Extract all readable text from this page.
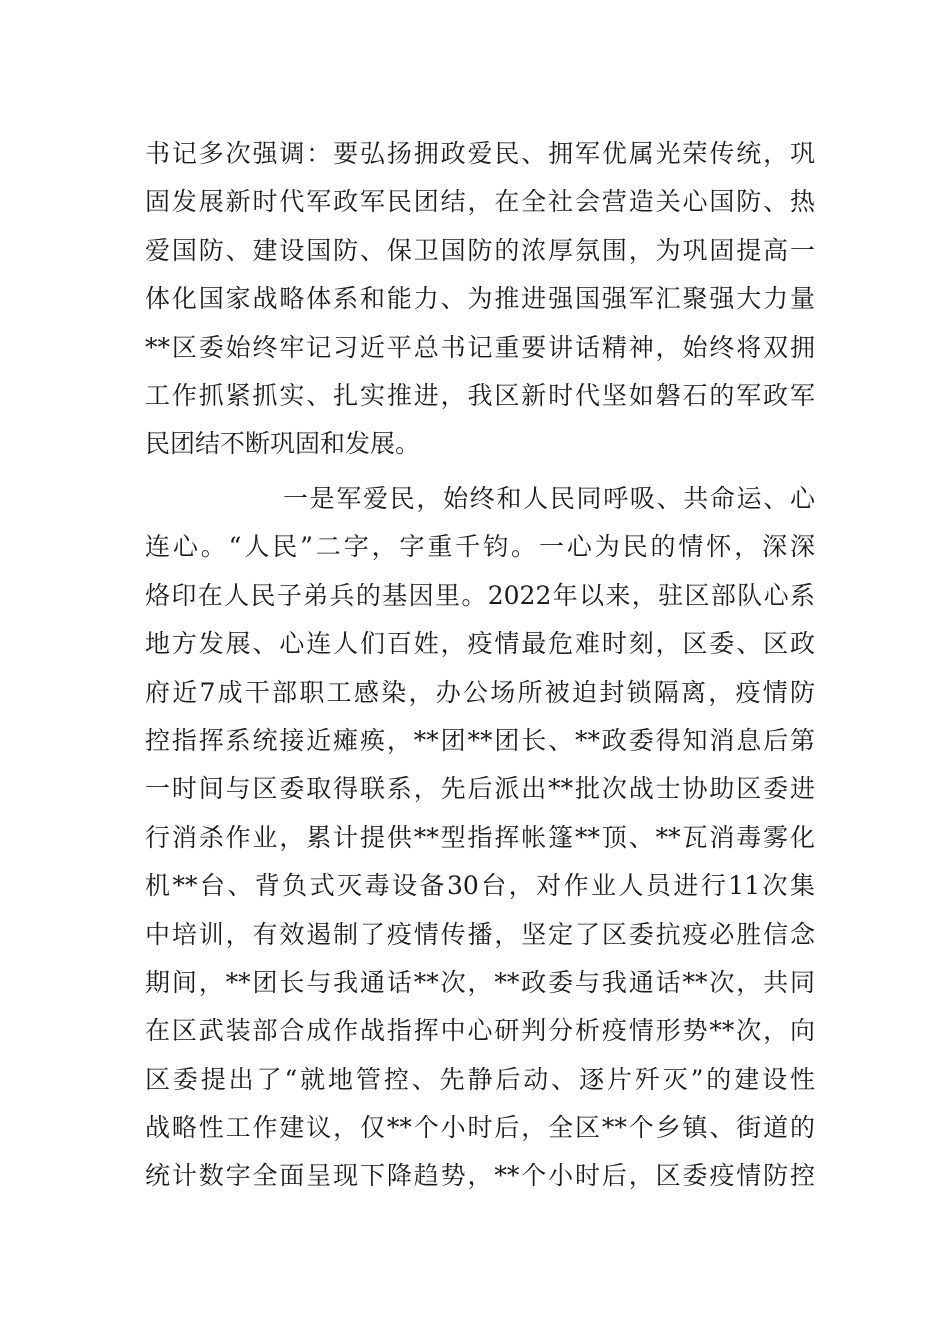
书记多次强调：要弘扬拥政爱民、拥军优属光荣传统，巩
固发展新时代军政军民团结，在全社会营造关心国防、热
爱国防、建设国防、保卫国防的浓厚氛围，为巩固提高一
体化国家战略体系和能力、为推进强国强军汇聚强大力量
**区委始终牢记习近平总书记重要讲话精神，始终将双拥
工作抓紧抓实、扎实推进，我区新时代坚如磐石的军政军
民团结不断巩固和发展。
一是军爱民，始终和人民同呼吸、共命运、心
连心。“人民”二字，字重千钧。一心为民的情怀，深深
烙印在人民子弟兵的基因里。2022年以来，驻区部队心系
地方发展、心连人们百姓，疫情最危难时刻，区委、区政
府近7成干部职工感染，办公场所被迫封锁隔离，疫情防
控指挥系统接近瘫痪，**团**团长、**政委得知消息后第
一时间与区委取得联系，先后派出**批次战士协助区委进
行消杀作业，累计提供**型指挥帐篷**顶、**瓦消毒雾化
机**台、背负式灭毒设备30台，对作业人员进行11次集
中培训，有效遏制了疫情传播，坚定了区委抗疫必胜信念
期间，**团长与我通话**次，**政委与我通话**次，共同
在区武装部合成作战指挥中心研判分析疫情形势**次，向
区委提出了“就地管控、先静后动、逐片歼灭”的建设性
战略性工作建议，仅**个小时后，全区**个乡镇、街道的
统计数字全面呈现下降趋势，**个小时后，区委疫情防控
